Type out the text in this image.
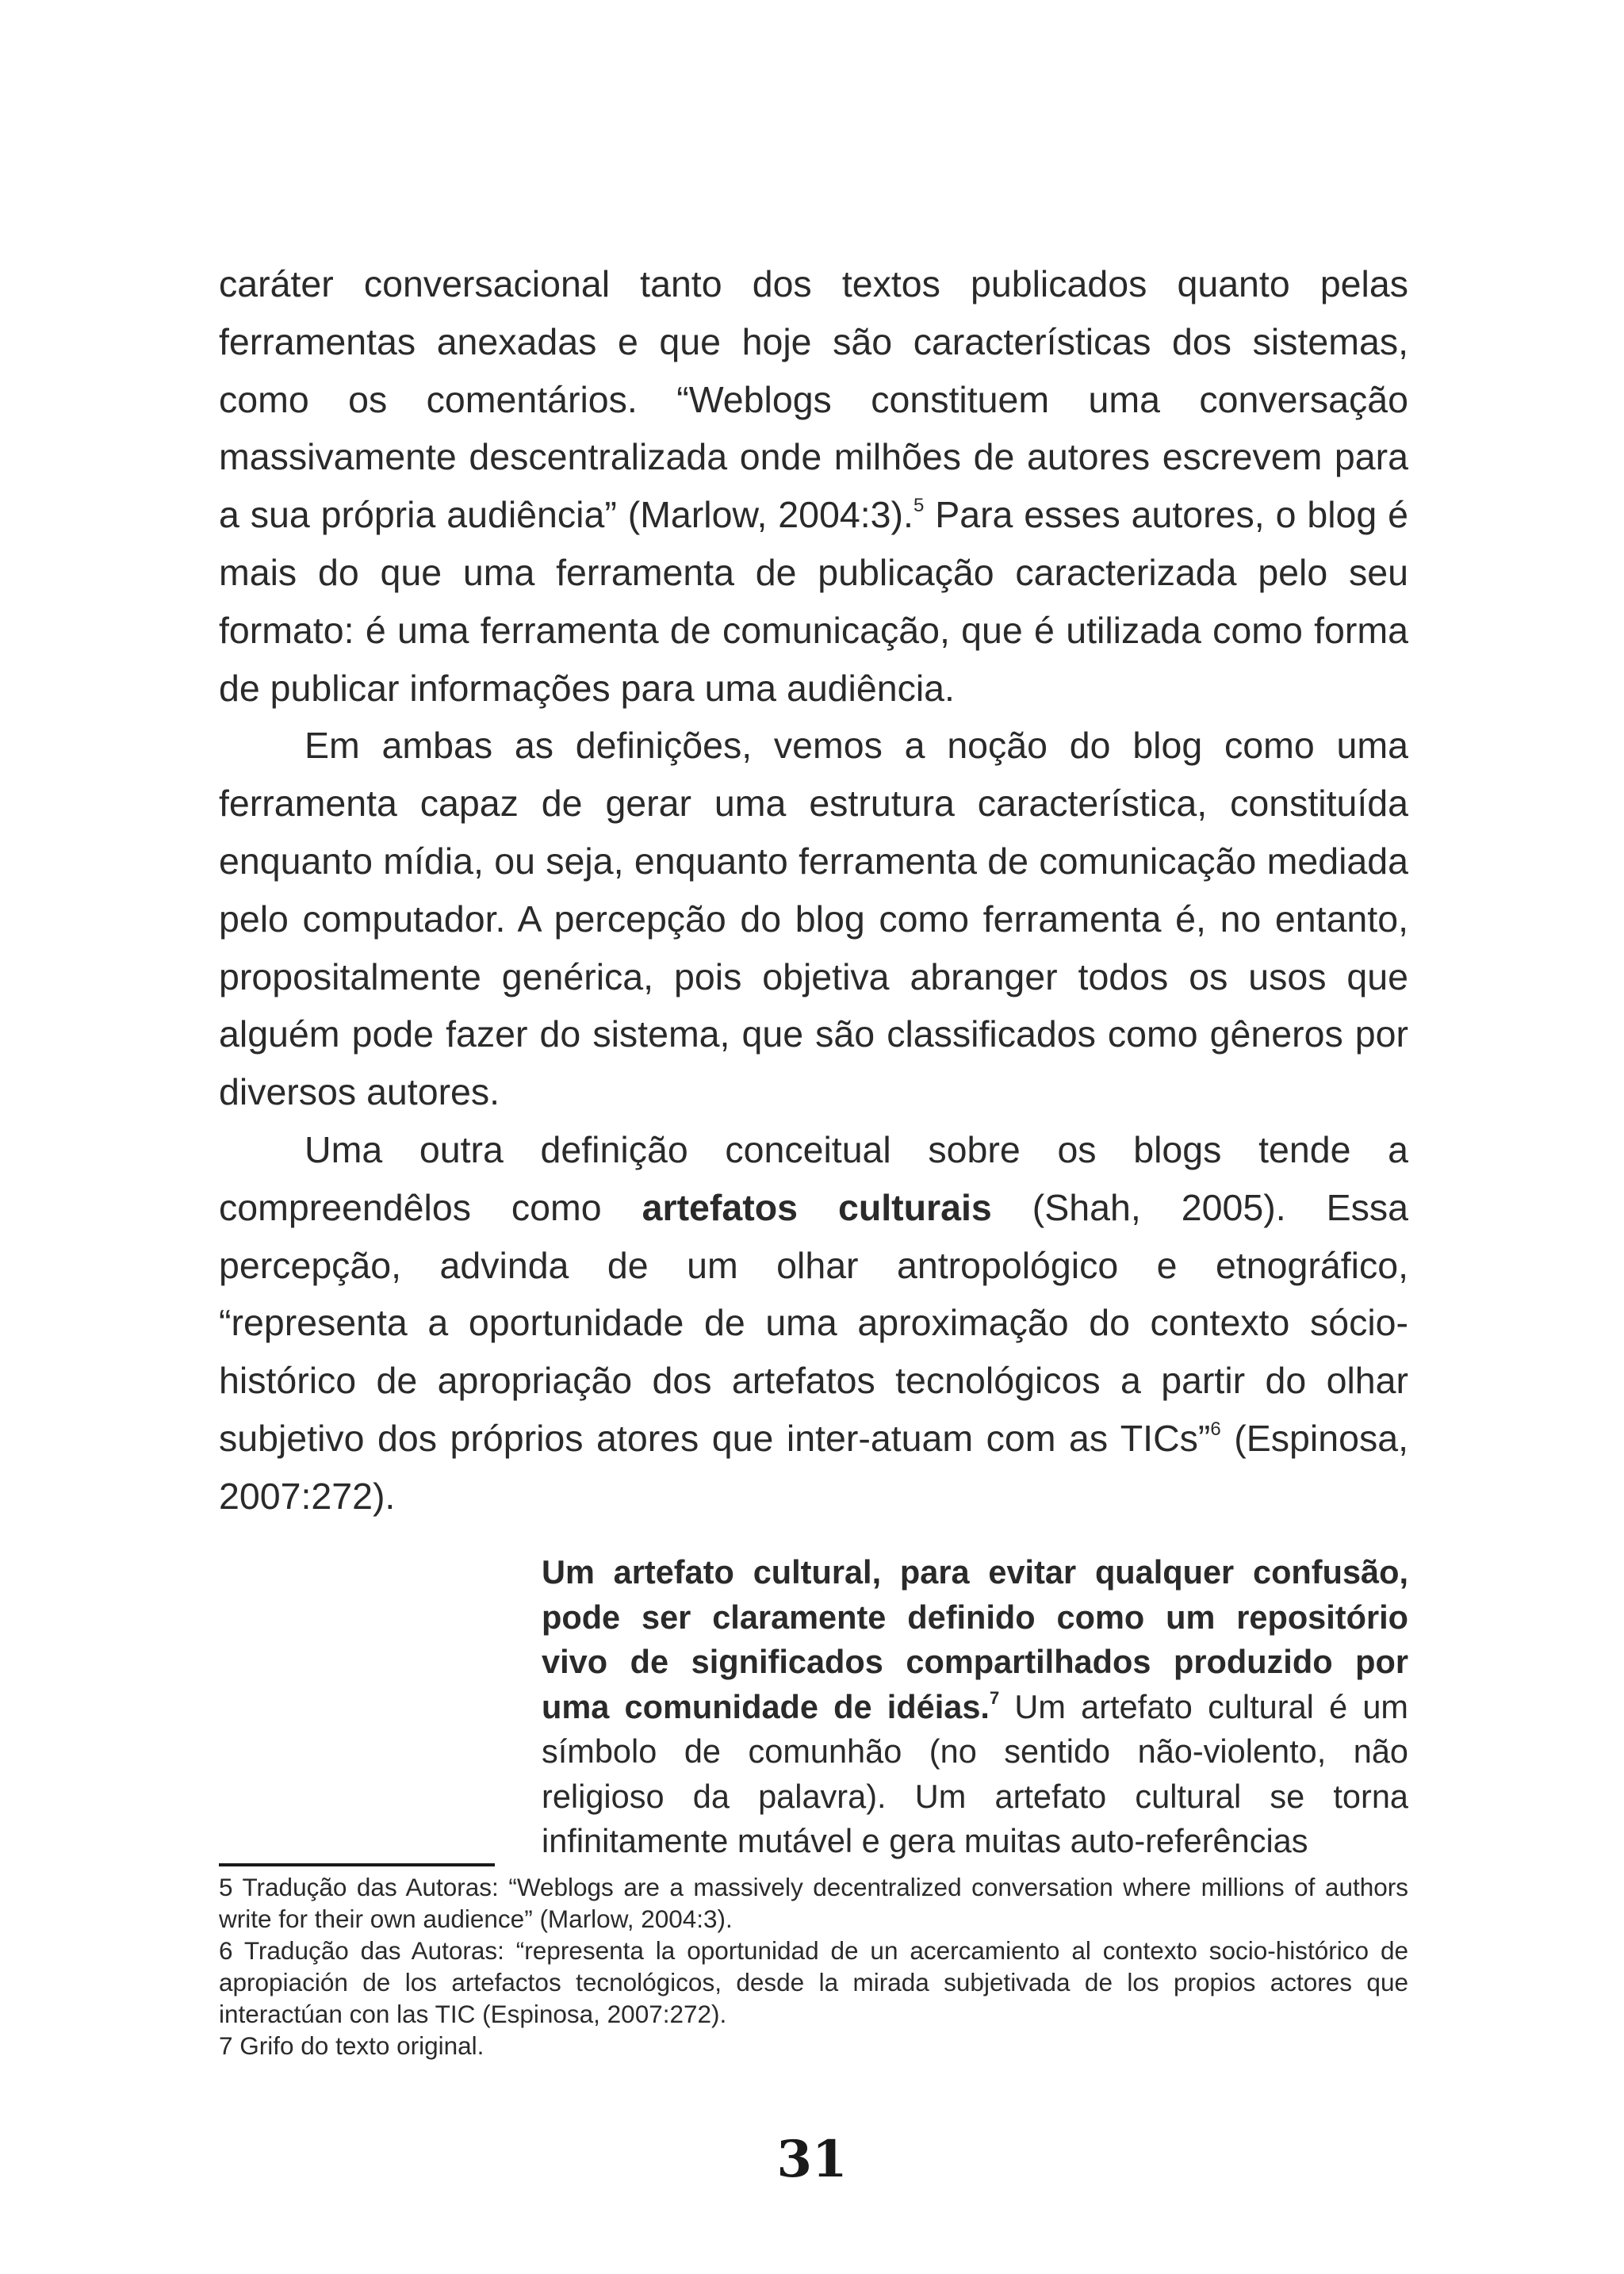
caráter conversacional tanto dos textos publicados quanto pelas ferramentas anexadas e que hoje são características dos sistemas, como os comentários. “Weblogs constituem uma conversação massivamente descentralizada onde milhões de autores escrevem para a sua própria audiência” (Marlow, 2004:3).$^5$ Para esses autores, o blog é mais do que uma ferramenta de publicação caracterizada pelo seu formato: é uma ferramenta de comunicação, que é utilizada como forma de publicar informações para uma audiência.

Em ambas as definições, vemos a noção do blog como uma ferramenta capaz de gerar uma estrutura característica, constituída enquanto mídia, ou seja, enquanto ferramenta de comunicação mediada pelo computador. A percepção do blog como ferramenta é, no entanto, propositalmente genérica, pois objetiva abranger todos os usos que alguém pode fazer do sistema, que são classificados como gêneros por diversos autores.

Uma outra definição conceitual sobre os blogs tende a compreendêlos como artefatos culturais (Shah, 2005). Essa percepção, advinda de um olhar antropológico e etnográfico, “representa a oportunidade de uma aproximação do contexto sócio-histórico de apropriação dos artefatos tecnológicos a partir do olhar subjetivo dos próprios atores que inter-atuam com as TICs”$^6$ (Espinosa, 2007:272).

Um artefato cultural, para evitar qualquer confusão, pode ser claramente definido como um repositório vivo de significados compartilhados produzido por uma comunidade de idéias.$^7$ Um artefato cultural é um símbolo de comunhão (no sentido não-violento, não religioso da palavra). Um artefato cultural se torna infinitamente mutável e gera muitas auto-referências

5 Tradução das Autoras: “Weblogs are a massively decentralized conversation where millions of authors write for their own audience” (Marlow, 2004:3).

6 Tradução das Autoras: “representa la oportunidad de un acercamiento al contexto socio-histórico de apropiación de los artefactos tecnológicos, desde la mirada subjetivada de los propios actores que interactúan con las TIC (Espinosa, 2007:272).

7 Grifo do texto original.

31
